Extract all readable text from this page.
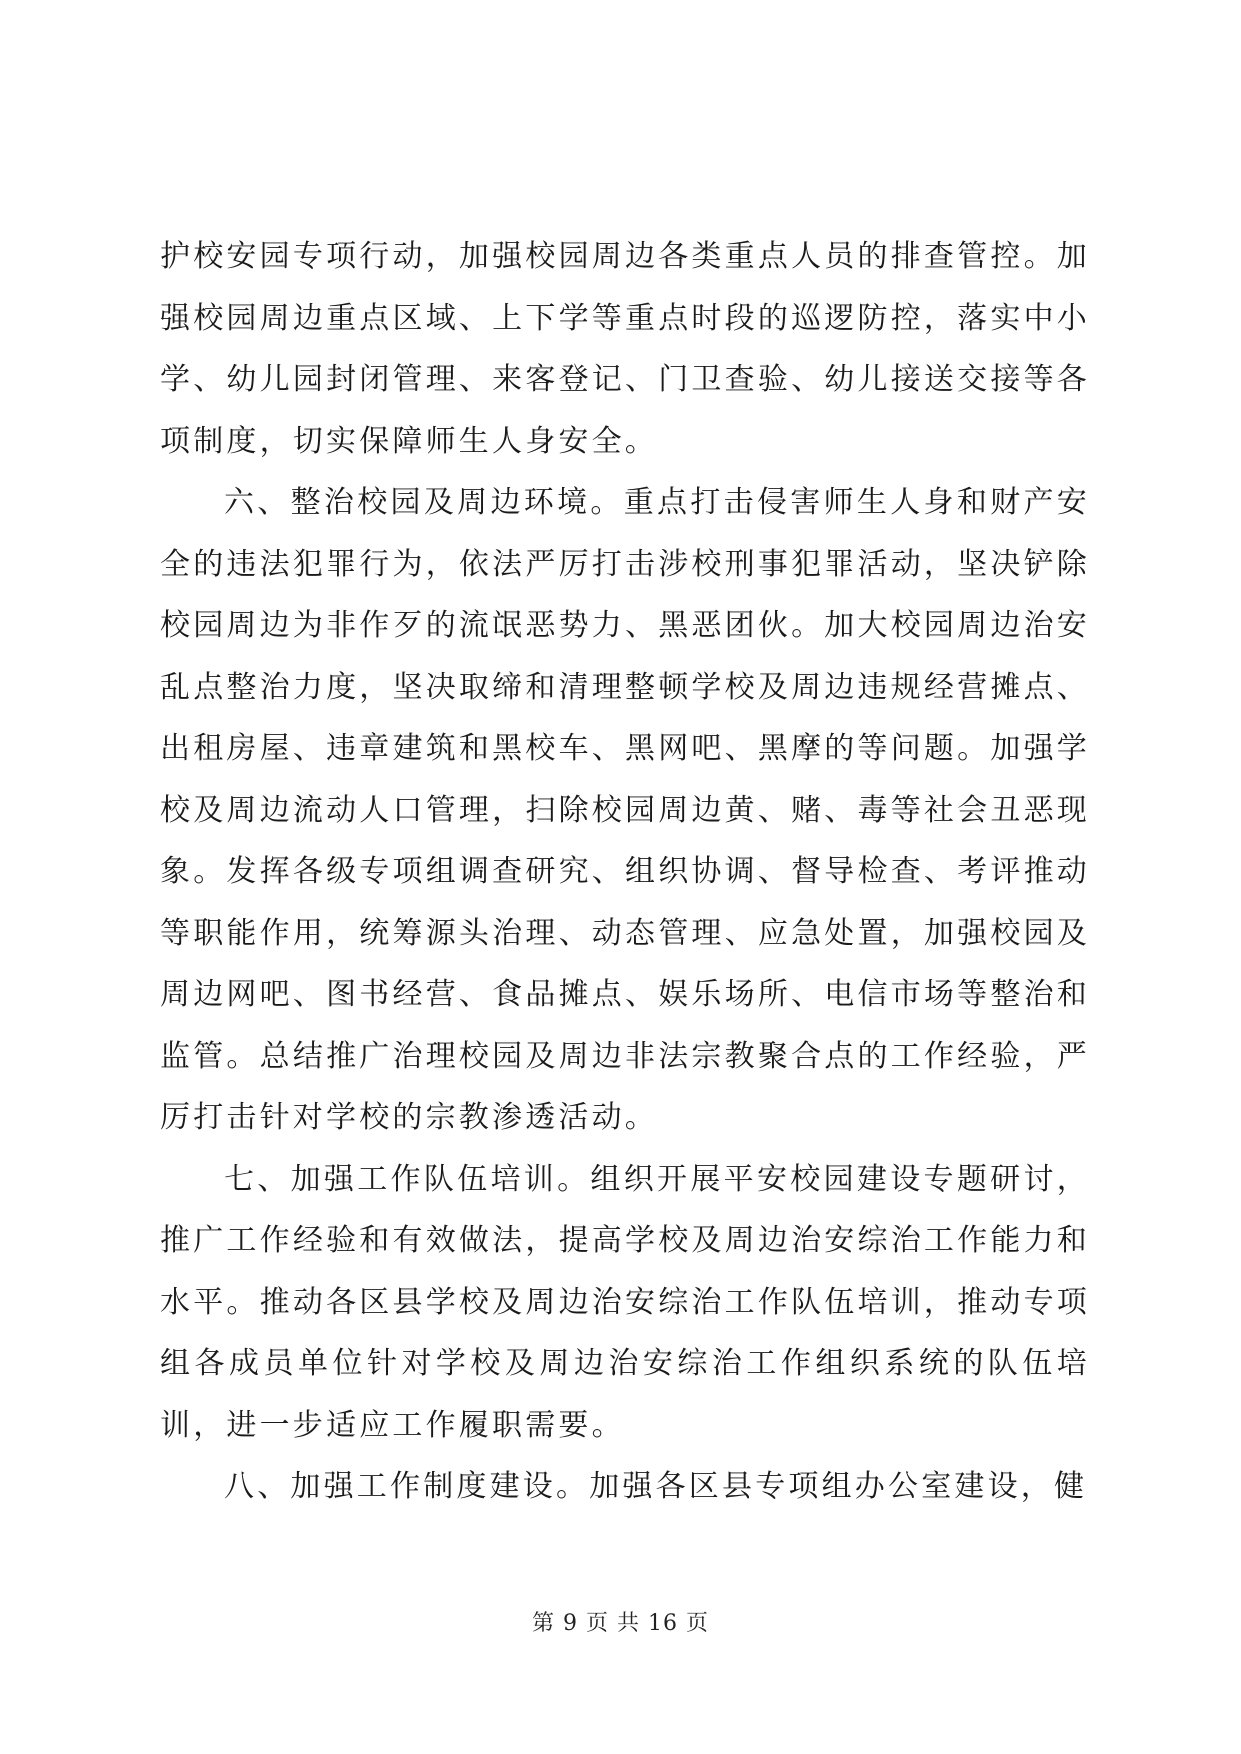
护校安园专项行动，加强校园周边各类重点人员的排查管控。加强校园周边重点区域、上下学等重点时段的巡逻防控，落实中小学、幼儿园封闭管理、来客登记、门卫查验、幼儿接送交接等各项制度，切实保障师生人身安全。

六、整治校园及周边环境。重点打击侵害师生人身和财产安全的违法犯罪行为，依法严厉打击涉校刑事犯罪活动，坚决铲除校园周边为非作歹的流氓恶势力、黑恶团伙。加大校园周边治安乱点整治力度，坚决取缔和清理整顿学校及周边违规经营摊点、出租房屋、违章建筑和黑校车、黑网吧、黑摩的等问题。加强学校及周边流动人口管理，扫除校园周边黄、赌、毒等社会丑恶现象。发挥各级专项组调查研究、组织协调、督导检查、考评推动等职能作用，统筹源头治理、动态管理、应急处置，加强校园及周边网吧、图书经营、食品摊点、娱乐场所、电信市场等整治和监管。总结推广治理校园及周边非法宗教聚合点的工作经验，严厉打击针对学校的宗教渗透活动。

七、加强工作队伍培训。组织开展平安校园建设专题研讨，推广工作经验和有效做法，提高学校及周边治安综治工作能力和水平。推动各区县学校及周边治安综治工作队伍培训，推动专项组各成员单位针对学校及周边治安综治工作组织系统的队伍培训，进一步适应工作履职需要。

八、加强工作制度建设。加强各区县专项组办公室建设，健

第 9 页 共 16 页
